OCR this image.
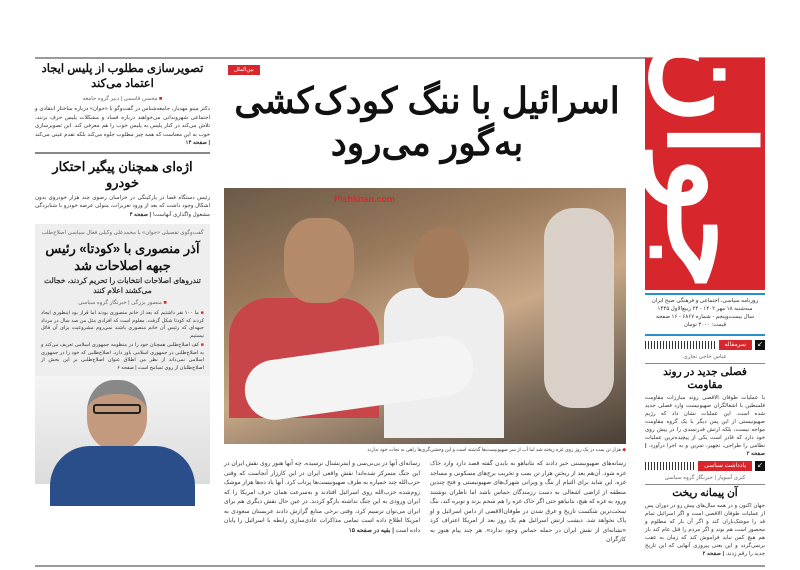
جوان
روزنامه سیاسی، اجتماعی و فرهنگی صبح ایران
سه‌شنبه ۱۸ مهر ۱۴۰۲ - ۲۴ ربیع‌الاول ۱۴۴۵
سال بیست‌وپنجم - شماره ۶۸۶۷ - ۱۶ صفحه
قیمت: ۳۰۰۰ تومان
↙
سرمقاله
عباس حاجی نجاری
فصلی جدید در روند مقاومت
با عملیات طوفان الاقصی روند مبارزات مقاومت فلسطین با اشغالگران صهیونیست وارد فصلی جدید شده است. این عملیات نشان داد که رژیم صهیونیستی از این پس دیگر با یک گروه مقاومت مواجه نیست، بلکه ارتش قدرتمندی را در پیش روی خود دارد که قادر است یکی از پیچیده‌ترین عملیات نظامی را طراحی، تجهیز، تمرین و به اجرا درآورد. | صفحه ۲
↙
یادداشت سیاسی
کبری آسوپار | خبرنگار گروه سیاسی
آن پیمانه ریخت
جهان اکنون و در همه سال‌های پیش رو در دوران پس از عملیات طوفان الاقصی است و اگر اسرائیل تمام قد را موشک‌باران کند و اگر آن بار که مظلوم و محصور است هم بوند و اگر مردم را قتل عام کند باز هم هیچ کس نباید فراموش کند که زمان به عقب برنمی‌گردد و این یعنی پیروزی آنهایی که این تاریخ جدید را رقم زدند. | صفحه ۲
بین‌الملل
اسرائیل با ننگ کودک‌کشی
به‌گور می‌رود
Pishkhan.com
◆ هزار تن بمب در یک روز روی غزه ریخته شد اما آب از سر صهیونیست‌ها گذشته است و این وحشی‌گری‌ها راهی به نجات خود ندارند
رسانه‌های صهیونیستی خبر دادند که نتانیاهو به بایدن گفته قصد دارد وارد خاک غزه شود. آن‌هم بعد از ریختن هزار تن بمب و تخریب برج‌های مسکونی و مساجد غزه. این شاید برای التیام از ننگ و ویرانی شهرک‌های صهیونیستی و فتح چندین منطقه از اراضی اشغالی به دست رزمندگان حماس باشد اما ناظران نوشتند ورود به غزه که هیچ، نتانیاهو حتی اگر خاک غزه را هم شخم بزند و توبره کند، ننگ سخت‌ترین شکست تاریخ و غرق شدن در طوفان‌الاقصی از دامن اسرائیل و او پاک نخواهد شد. دیشب ارتش اسرائیل هم یک روز بعد از امریکا اعتراف کرد «نشانه‌ای از نقش ایران در حمله حماس وجود ندارد». هر چند پیام هنوز به کارگران
رسانه‌ای آنها در بی‌بی‌سی و اینترنشنال نرسیده. چه آنها هنوز روی نقش ایران در این جنگ متمرکز شده‌اند! نقش واقعی ایران در این کارزار آنجاست که وقتی حزب‌الله چند خمپاره به طرف صهیونیست‌ها پرتاب کرد. آنها یاد ده‌ها هزار موشک زوم‌شده حزب‌الله روی اسرائیل افتادند و به‌سرعت همان حرف امریکا را که ایران ورودی به این جنگ نداشته بازگو کردند. در عین حال نقش دیگری هم برای ایران می‌توان ترسیم کرد، وقتی برخی منابع گزارش دادند عربستان سعودی به امریکا اطلاع داده است تمامی مذاکرات عادی‌سازی رابطه با اسرائیل را پایان داده است | بقیه در صفحه ۱۵
تصویرسازی مطلوب از پلیس ایجاد اعتماد می‌کند
■ محسن قاسمی | دبیر گروه جامعه
دکتر مینو مهدیار، جامعه‌شناس در گفت‌وگو با «جوان» درباره ساختار انتقادی و اجتماعی شهروندانی می‌خواهند درباره فساد و مشکلات پلیس حرف بزنند، تلاش می‌کند در کنار پلیس به پلیس خوب را هم معرفی کند. این تصویرسازی خوب به این معناست که همه چیز مطلوب جلوه می‌کند بلکه تقدم عینی می‌کند | صفحه ۱۴
اژه‌ای همچنان پیگیر احتکار خودرو
رئیس دستگاه قضا در پارکینگی در خراسان رضوی چند هزار خودروی بدون اشکال وجود داشت که بعد از ورود تعزیرات، متولی عرضه خودرو با شتابزدگی مشغول واگذاری آنهاست! | صفحه ۴
گفت‌وگوی تفصیلی «جوان» با محمدعلی وکیلی فعال سیاسی اصلاح‌طلب
آذر منصوری با «کودتا» رئیس جبهه اصلاحات شد
تندروهای اصلاحات انتخابات را تحریم کردند، خجالت می‌کشند اعلام کنند
■ منصور بزرگی | خبرنگار گروه سیاسی
■ ما ۱۰۰ نفر داشتیم که بعد از خانم منصوری بودند اما قرار بود اینطوری ایجاد کردند که کودتا شکل گرفت. معلوم است که افرادی مثل من صد سال در مرداد جبهه‌ای که رئیس آن خانم منصوری باشند نمی‌روم مشروعیت برای آن قائل نیستیم
■ کف اصلاح‌طلبی همچنان خود را در منظومه جمهوری اسلامی تعریف می‌کند و به اصلاح‌طلبی در جمهوری اسلامی باور دارد. اصلاح‌طلبی که خود را در جمهوری اسلامی نمی‌داند از نظر من اطلاق عنوان اصلاح‌طلبی بر این بخش از اصلاح‌طلبان از روی تسامح است | صفحه ۶
